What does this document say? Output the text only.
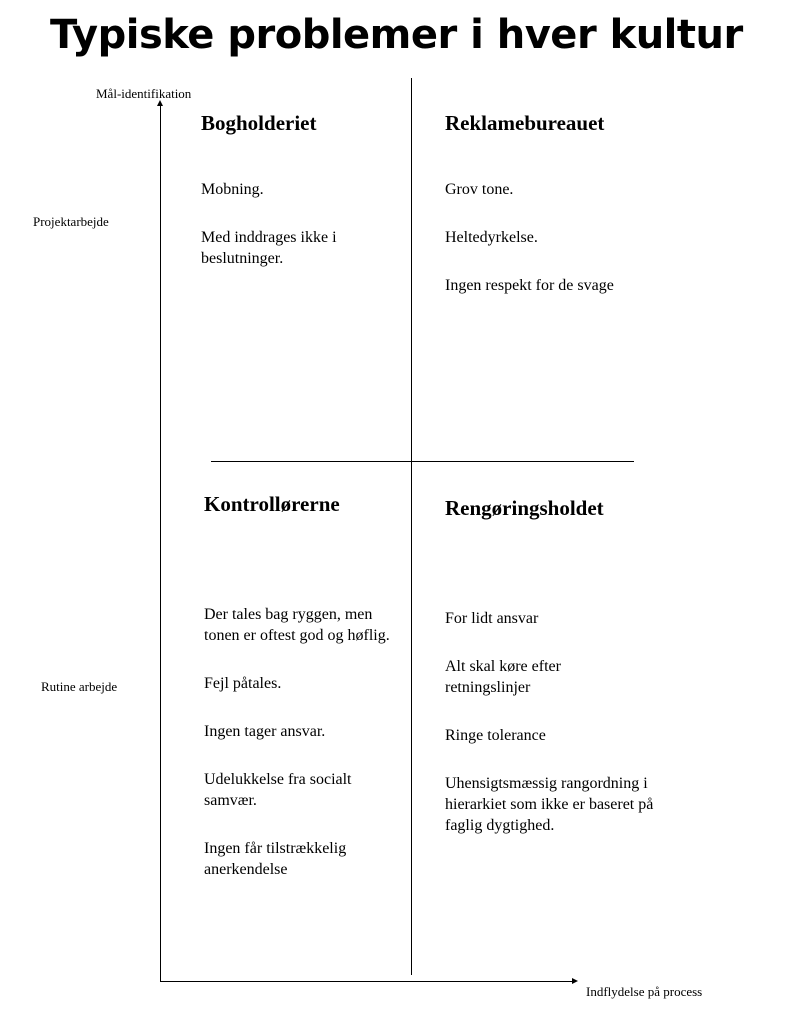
Typiske problemer i hver kultur
Mål-identifikation
Projektarbejde
Rutine arbejde
Indflydelse på process
Bogholderiet
Mobning.
Med inddrages ikke i beslutninger.
Reklamebureauet
Grov tone.
Heltedyrkelse.
Ingen respekt for de svage
Kontrollørerne
Der tales bag ryggen, men tonen er oftest god og høflig.
Fejl påtales.
Ingen tager ansvar.
Udelukkelse fra socialt samvær.
Ingen får tilstrækkelig anerkendelse
Rengøringsholdet
For lidt ansvar
Alt skal køre efter retningslinjer
Ringe tolerance
Uhensigtsmæssig rangordning i hierarkiet som ikke er baseret på faglig dygtighed.
